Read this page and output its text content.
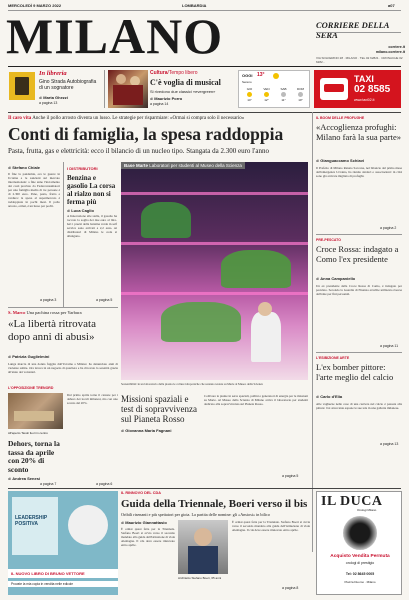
MERCOLEDÌ 9 MARZO 2022	LOMBARDIA	a07
MILANO	CORRIERE DELLA SERA
corriere.it
milano.corriere.it
VIA SOLFERINO 28 · MILANO · TEL 02 62821 · CRONACHE 02 6282...
In libreria
Gino Strada Autobiografia di un sognatore
di Marta Ghezzi
a pagina 13
Cultura/Tempo libero
C'è voglia di musical
Si rivedono due classici «evergreen»
di Maurizio Porro
a pagina 14
OGGI 13°
Sereno
GIO
14°
VEN
12°
SAB
11°
DOM
10°
TAXI
02 8585
www.taxi02.it
Il caro vita Anche il pollo arrosto diventa un lusso. Le strategie per risparmiare: «Ormai si compra solo il necessario»
Conti di famiglia, la spesa raddoppia
Pasta, frutta, gas e elettricità: ecco il bilancio di un nucleo tipo. Stangata da 2.300 euro l'anno
di Stefano Chiale
Il fine la pandemia, ora le guerre in Ucraina e le sanzioni sul mercato internazionale: a fine anno l'incremento dei costi previsto da Federconsumatori per una famiglia media di tre persone è di 2.300 euro. Pane, pasta, frutta e verdura: la spesa al supermercato è raddoppiata in pochi mesi. Il pollo arrosto, ormai, è un lusso per pochi.
a pagina 3
I DISTRIBUTORI
Benzina e gasolio La corsa al rialzo non si ferma più
di Luca Caglio
A Innovazione alle stelle, il gasolio ha toccato la soglia dei due euro al litro. Ieri i prezzi della benzina verde in self service sono arrivati a 2,2 euro. Ai distributori di Milano le code si allungano.
a pagina 5
Base Marte Laboratori per studenti al Museo della Scienza
IL BOOM DELLE PROFUGHE
«Accoglienza profughi: Milano farà la sua parte»
di Gianguaccamo Schiavi
Il Prefetto di Milano Renato Saccone, nel bilancio del primo mese dell'emergenza Ucraina, ha riunito sindaci e associazioni: in città sono già arrivate migliaia di profughi.
a pagina 2
PRE-PESCATO
Croce Rossa: indagato a Como l'ex presidente
di Anna Campaniello
Un ex presidente della Croce Rossa di Como, è indagato per peculato. Secondo la Guardia di Finanza avrebbe utilizzato risorse dell'ente per fini personali.
a pagina 11
L'ESIBIZIONE ARTE
L'ex bomber pittore: l'arte meglio del calcio
di Carlo d'Elia
Alle vaghezze nelle cose di una carriera nel calcio è passata alla pittura: l'ex attaccante espone le sue tele in una galleria milanese.
a pagina 13
S. Marco Una pachina rossa per Yarbura
«La libertà ritrovata dopo anni di abusi»
di Patrizia Guglielmini
Lunga marcia di una donna fuggita dall'Ucraina a Milano: ha denunciato anni di violenze subite. Ora lavora in un negozio di quartiere e ha ritrovato la serenità grazie all'aiuto dei volontari.
L'OPPOSIZIONE TRENORD
All'aperto Tavoli fuori in centro
Dehors, torna la tassa da aprile con 20% di sconto
di Andrea Senesi
a pagina 7
Dal primo aprile torna il canone per i dehors dei locali milanesi, ma con uno sconto del 20%.
a pagina 6
Sostenibilità: in un laboratorio della piazza le colture idroponiche che saranno testate su Marte al Museo della Scienza
Missioni spaziali e test di sopravvivenza sul Pianeta Rosso
di Giovanna Maria Fagnani
Coltivare le piante in serre spaziali, pollini e generatori di energia per le missioni su Marte. Al Museo della Scienza di Milano arriva il laboratorio per studenti dedicato alla sopravvivenza sul Pianeta Rosso.
a pagina 5
IL RINNOVO DEL CDA
Guida della Triennale, Boeri verso il bis
Oribili risenanti e più spettatori per gioia. La partita delle nomine: gli «Ansiosi» in bilico
di Maurizio Giannattasio
È ormai quasi fatta per la Triennale. Stefano Boeri si avvia verso il secondo mandato alla guida dell'istituzione di viale Alemagna. Il cda deve essere rinnovato entro aprile.
Architetto Stefano Boeri, 65 anni
È ormai quasi fatta per la Triennale. Stefano Boeri si avvia verso il secondo mandato alla guida dell'istituzione di viale Alemagna. Il cda deve essere rinnovato entro aprile.
a pagina 8
LEADERSHIP POSITIVA
IL NUOVO LIBRO DI BRUNO VETTORE
Provate la mia copia in vendita nelle edicole
IL DUCA
Orologi Milano
Acquisto Vendita Permuta
orologi di prestigio
Tel: 02 8645 0005
Piazza Duomo · Milano
